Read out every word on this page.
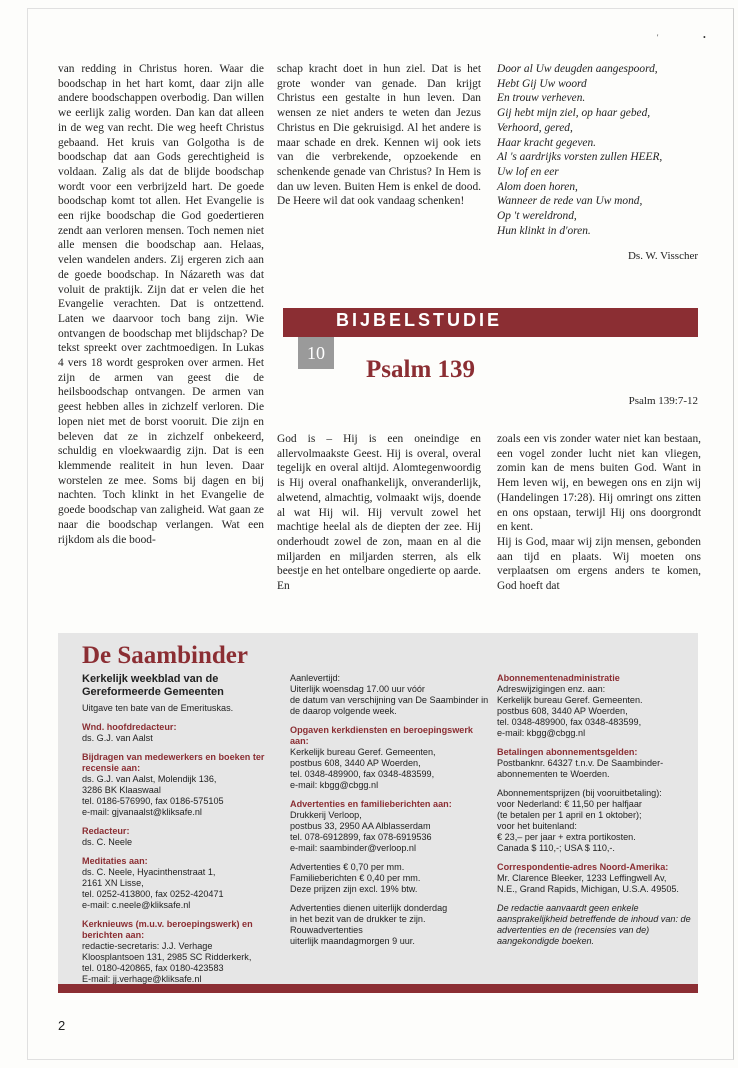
'	•

van redding in Christus horen. Waar die boodschap in het hart komt, daar zijn alle andere boodschappen overbodig. Dan willen we eerlijk zalig worden. Dan kan dat alleen in de weg van recht. Die weg heeft Christus gebaand. Het kruis van Golgotha is de boodschap dat aan Gods gerechtigheid is voldaan. Zalig als dat de blijde boodschap wordt voor een verbrijzeld hart. De goede boodschap komt tot allen. Het Evangelie is een rijke boodschap die God goedertieren zendt aan verloren mensen. Toch nemen niet alle mensen die boodschap aan. Helaas, velen wandelen anders. Zij ergeren zich aan de goede boodschap. In Názareth was dat voluit de praktijk. Zijn dat er velen die het Evangelie verachten. Dat is ontzettend. Laten we daarvoor toch bang zijn. Wie ontvangen de boodschap met blijdschap? De tekst spreekt over zachtmoedigen. In Lukas 4 vers 18 wordt gesproken over armen. Het zijn de armen van geest die de heilsboodschap ontvangen. De armen van geest hebben alles in zichzelf verloren. Die lopen niet met de borst vooruit. Die zijn en beleven dat ze in zichzelf onbekeerd, schuldig en vloekwaardig zijn. Dat is een klemmende realiteit in hun leven. Daar worstelen ze mee. Soms bij dagen en bij nachten. Toch klinkt in het Evangelie de goede boodschap van zaligheid. Wat gaan ze naar die boodschap verlangen. Wat een rijkdom als die bood-

schap kracht doet in hun ziel. Dat is het grote wonder van genade. Dan krijgt Christus een gestalte in hun leven. Dan wensen ze niet anders te weten dan Jezus Christus en Die gekruisigd. Al het andere is maar schade en drek. Kennen wij ook iets van die verbrekende, opzoekende en schenkende genade van Christus? In Hem is dan uw leven. Buiten Hem is enkel de dood. De Heere wil dat ook vandaag schenken!

Door al Uw deugden aangespoord,
Hebt Gij Uw woord
En trouw verheven.
Gij hebt mijn ziel, op haar gebed,
Verhoord, gered,
Haar kracht gegeven.
Al 's aardrijks vorsten zullen HEER,
Uw lof en eer
Alom doen horen,
Wanneer de rede van Uw mond,
Op 't wereldrond,
Hun klinkt in d'oren.
Ds. W. Visscher
BIJBELSTUDIE
10
Psalm 139
Psalm 139:7-12

God is – Hij is een oneindige en allervolmaakste Geest. Hij is overal, overal tegelijk en overal altijd. Alomtegenwoordig is Hij overal onafhankelijk, onveranderlijk, alwetend, almachtig, volmaakt wijs, doende al wat Hij wil. Hij vervult zowel het machtige heelal als de diepten der zee. Hij onderhoudt zowel de zon, maan en al die miljarden en miljarden sterren, als elk beestje en het ontelbare ongedierte op aarde. En

zoals een vis zonder water niet kan bestaan, een vogel zonder lucht niet kan vliegen, zomin kan de mens buiten God. Want in Hem leven wij, en bewegen ons en zijn wij (Handelingen 17:28). Hij omringt ons zitten en ons opstaan, terwijl Hij ons doorgrondt en kent.

Hij is God, maar wij zijn mensen, gebonden aan tijd en plaats. Wij moeten ons verplaatsen om ergens anders te komen, God hoeft dat

De Saambinder
Kerkelijk weekblad van de Gereformeerde Gemeenten
Uitgave ten bate van de Emerituskas.
Wnd. hoofdredacteur:
ds. G.J. van Aalst
Bijdragen van medewerkers en boeken ter recensie aan:
ds. G.J. van Aalst, Molendijk 136,
3286 BK Klaaswaal
tel. 0186-576990, fax 0186-575105
e-mail: gjvanaalst@kliksafe.nl
Redacteur:
ds. C. Neele
Meditaties aan:
ds. C. Neele, Hyacinthenstraat 1,
2161 XN Lisse,
tel. 0252-413800, fax 0252-420471
e-mail: c.neele@kliksafe.nl
Kerknieuws (m.u.v. beroepingswerk) en berichten aan:
redactie-secretaris: J.J. Verhage
Kloosplantsoen 131, 2985 SC Ridderkerk,
tel. 0180-420865, fax 0180-423583
E-mail: jj.verhage@kliksafe.nl
Aanlevertijd:
Uiterlijk woensdag 17.00 uur vóór
de datum van verschijning van De Saambinder in de daarop volgende week.
Opgaven kerkdiensten en beroepingswerk aan:
Kerkelijk bureau Geref. Gemeenten,
postbus 608, 3440 AP Woerden,
tel. 0348-489900, fax 0348-483599,
e-mail: kbgg@cbgg.nl
Advertenties en familieberichten aan:
Drukkerij Verloop,
postbus 33, 2950 AA Alblasserdam
tel. 078-6912899, fax 078-6919536
e-mail: saambinder@verloop.nl
Advertenties € 0,70 per mm.
Familieberichten € 0,40 per mm.
Deze prijzen zijn excl. 19% btw.
Advertenties dienen uiterlijk donderdag
in het bezit van de drukker te zijn.
Rouwadvertenties
uiterlijk maandagmorgen 9 uur.
Abonnementenadministratie
Adreswijzigingen enz. aan:
Kerkelijk bureau Geref. Gemeenten.
postbus 608, 3440 AP Woerden,
tel. 0348-489900, fax 0348-483599,
e-mail: kbgg@cbgg.nl
Betalingen abonnementsgelden:
Postbanknr. 64327 t.n.v. De Saambinder-
abonnementen te Woerden.
Abonnementsprijzen (bij vooruitbetaling):
voor Nederland: € 11,50 per halfjaar
(te betalen per 1 april en 1 oktober);
voor het buitenland:
€ 23,– per jaar + extra portikosten.
Canada $ 110,-; USA $ 110,-.
Correspondentie-adres Noord-Amerika:
Mr. Clarence Bleeker, 1233 Leffingwell Av,
N.E., Grand Rapids, Michigan, U.S.A. 49505.
De redactie aanvaardt geen enkele aansprakelijkheid betreffende de inhoud van: de advertenties en de (recensies van de) aangekondigde boeken.
2
